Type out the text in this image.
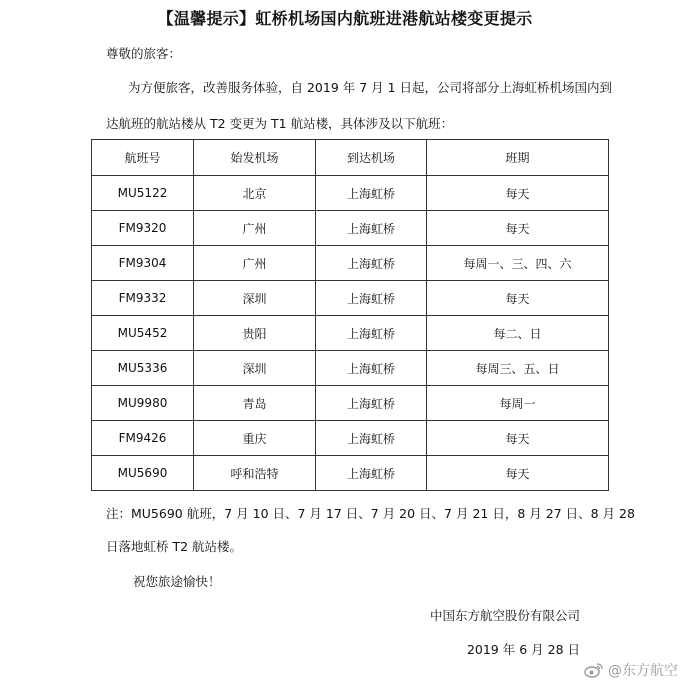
【温馨提示】虹桥机场国内航班进港航站楼变更提示
尊敬的旅客：
为方便旅客，改善服务体验，自 2019 年 7 月 1 日起，公司将部分上海虹桥机场国内到
达航班的航站楼从 T2 变更为 T1 航站楼，具体涉及以下航班：
航班号	始发机场	到达机场	班期
MU5122	北京	上海虹桥	每天
FM9320	广州	上海虹桥	每天
FM9304	广州	上海虹桥	每周一、三、四、六
FM9332	深圳	上海虹桥	每天
MU5452	贵阳	上海虹桥	每二、日
MU5336	深圳	上海虹桥	每周三、五、日
MU9980	青岛	上海虹桥	每周一
FM9426	重庆	上海虹桥	每天
MU5690	呼和浩特	上海虹桥	每天
注：MU5690 航班，7 月 10 日、7 月 17 日、7 月 20 日、7 月 21 日，8 月 27 日、8 月 28
日落地虹桥 T2 航站楼。
祝您旅途愉快！
中国东方航空股份有限公司
2019 年 6 月 28 日
@东方航空
